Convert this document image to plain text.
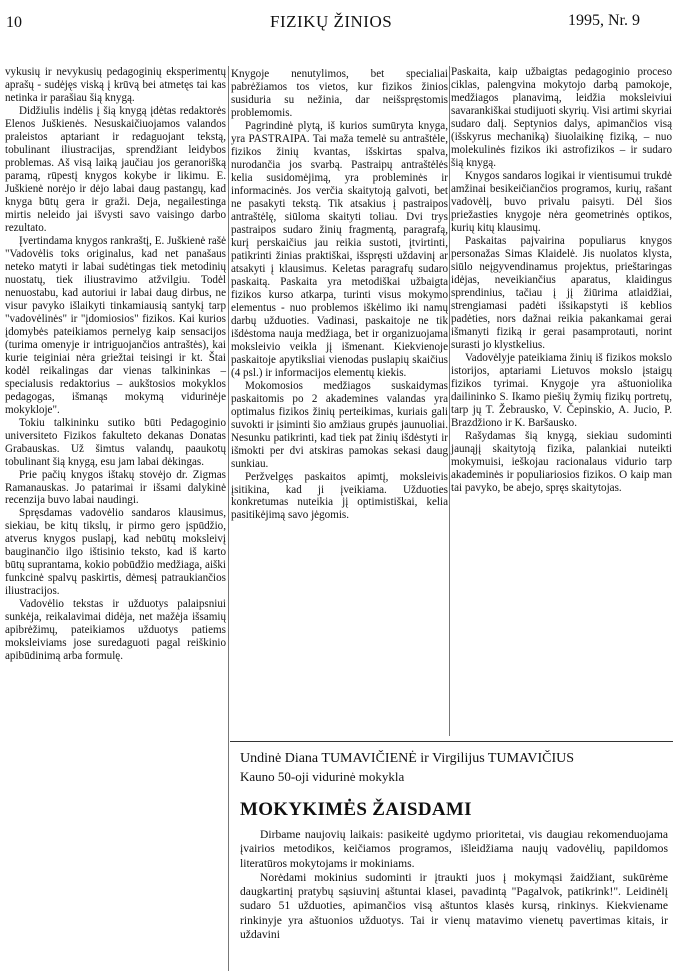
10	FIZIKŲ ŽINIOS	1995, Nr. 9

vykusių ir nevykusių pedagoginių eksperimentų aprašų - sudėjęs viską į krūvą bei atmetęs tai kas netinka ir parašiau šią knygą.

Didžiulis indėlis į šią knygą įdėtas redaktorės Elenos Juškienės. Nesuskaičiuojamos valandos praleistos aptariant ir redaguojant tekstą, tobulinant iliustracijas, sprendžiant leidybos problemas. Aš visą laiką jaučiau jos geranorišką paramą, rūpestį knygos kokybe ir likimu. E. Juškienė norėjo ir dėjo labai daug pastangų, kad knyga būtų gera ir graži. Deja, negailestinga mirtis neleido jai išvysti savo vaisingo darbo rezultato.

Įvertindama knygos rankraštį, E. Juškienė rašė "Vadovėlis toks originalus, kad net panašaus neteko matyti ir labai sudėtingas tiek metodinių nuostatų, tiek iliustravimo atžvilgiu. Todėl nenuostabu, kad autoriui ir labai daug dirbus, ne visur pavyko išlaikyti tinkamiausią santykį tarp "vadovėlinės" ir "įdomiosios" fizikos. Kai kurios įdomybės pateikiamos pernelyg kaip sensacijos (turima omenyje ir intriguojančios antraštės), kai kurie teiginiai nėra griežtai teisingi ir kt. Štai kodėl reikalingas dar vienas talkininkas – specialusis redaktorius – aukštosios mokyklos pedagogas, išmanąs mokymą vidurinėje mokykloje".

Tokiu talkininku sutiko būti Pedagoginio universiteto Fizikos fakulteto dekanas Donatas Grabauskas. Už šimtus valandų, paaukotų tobulinant šią knygą, esu jam labai dėkingas.

Prie pačių knygos ištakų stovėjo dr. Zigmas Ramanauskas. Jo patarimai ir išsami dalykinė recenzija buvo labai naudingi.

Spręsdamas vadovėlio sandaros klausimus, siekiau, be kitų tikslų, ir pirmo gero įspūdžio, atverus knygos puslapį, kad nebūtų moksleivį bauginančio ilgo ištisinio teksto, kad iš karto būtų suprantama, kokio pobūdžio medžiaga, aiški funkcinė spalvų paskirtis, dėmesį patraukiančios iliustracijos.

Vadovėlio tekstas ir užduotys palaipsniui sunkėja, reikalavimai didėja, net mažėja išsamių apibrėžimų, pateikiamos užduotys patiems moksleiviams jose suredaguoti pagal reiškinio apibūdinimą arba formulę.

Knygoje nenutylimos, bet specialiai pabrėžiamos tos vietos, kur fizikos žinios susiduria su nežinia, dar neišspręstomis problemomis.

Pagrindinė plytą, iš kurios sumūryta knyga, yra PASTRAIPA. Tai maža temelė su antraštėle, fizikos žinių kvantas, išskirtas spalva, nurodančia jos svarbą. Pastraipų antraštėlės kelia susidomėjimą, yra probleminės ir informacinės. Jos verčia skaitytoją galvoti, bet ne pasakyti tekstą. Tik atsakius į pastraipos antraštėlę, siūloma skaityti toliau. Dvi trys pastraipos sudaro žinių fragmentą, paragrafą, kurį perskaičius jau reikia sustoti, įtvirtinti, patikrinti žinias praktiškai, išspręsti uždavinį ar atsakyti į klausimus. Keletas paragrafų sudaro paskaitą. Paskaita yra metodiškai užbaigta fizikos kurso atkarpa, turinti visus mokymo elementus - nuo problemos iškėlimo iki namų darbų užduoties. Vadinasi, paskaitoje ne tik išdėstoma nauja medžiaga, bet ir organizuojama moksleivio veikla jį išmenant. Kiekvienoje paskaitoje apytiksliai vienodas puslapių skaičius (4 psl.) ir informacijos elementų kiekis.

Mokomosios medžiagos suskaidymas paskaitomis po 2 akademines valandas yra optimalus fizikos žinių perteikimas, kuriais gali suvokti ir įsiminti šio amžiaus grupės jaunuoliai. Nesunku patikrinti, kad tiek pat žinių išdėstyti ir išmokti per dvi atskiras pamokas sekasi daug sunkiau.

Peržvelgęs paskaitos apimtį, moksleivis įsitikina, kad ji įveikiama. Užduoties konkretumas nuteikia jį optimistiškai, kelia pasitikėjimą savo jėgomis.

Paskaita, kaip užbaigtas pedagoginio proceso ciklas, palengvina mokytojo darbą pamokoje, medžiagos planavimą, leidžia moksleiviui savarankiškai studijuoti skyrių. Visi artimi skyriai sudaro dalį. Septynios dalys, apimančios visą (išskyrus mechaniką) šiuolaikinę fiziką, – nuo molekulinės fizikos iki astrofizikos – ir sudaro šią knygą.

Knygos sandaros logikai ir vientisumui trukdė amžinai besikeičiančios programos, kurių, rašant vadovėlį, buvo privalu paisyti. Dėl šios priežasties knygoje nėra geometrinės optikos, kurių kitų klausimų.

Paskaitas pajvairina populiarus knygos personažas Simas Klaidelė. Jis nuolatos klysta, siūlo neįgyvendinamus projektus, prieštaringas idėjas, neveikiančius aparatus, klaidingus sprendinius, tačiau į jį žiūrima atlaidžiai, strengiamasi padėti išsikapstyti iš keblios padėties, nors dažnai reikia pakankamai gerai išmanyti fiziką ir gerai pasamprotauti, norint surasti jo klystkelius.

Vadovėlyje pateikiama žinių iš fizikos mokslo istorijos, aptariami Lietuvos mokslo įstaigų fizikos tyrimai. Knygoje yra aštuoniolika dailininko S. Ikamo piešių žymių fizikų portretų, tarp jų T. Žebrausko, V. Čepinskio, A. Jucio, P. Brazdžiono ir K. Baršausko.

Rašydamas šią knygą, siekiau sudominti jaunąjį skaitytoją fizika, palankiai nuteikti mokymuisi, ieškojau racionalaus vidurio tarp akademinės ir populiariosios fizikos. O kaip man tai pavyko, be abejo, spręs skaitytojas.

Undinė Diana TUMAVIČIENĖ ir Virgilijus TUMAVIČIUS
Kauno 50-oji vidurinė mokykla
MOKYKIMĖS ŽAISDAMI

Dirbame naujovių laikais: pasikeitė ugdymo prioritetai, vis daugiau rekomenduojama įvairios metodikos, keičiamos programos, išleidžiama naujų vadovėlių, papildomos literatūros mokytojams ir mokiniams.

Norėdami mokinius sudominti ir įtraukti juos į mokymąsi žaidžiant, sukūrėme daugkartinį pratybų sąsiuvinį aštuntai klasei, pavadintą "Pagalvok, patikrink!". Leidinėlį sudaro 51 užduoties, apimančios visą aštuntos klasės kursą, rinkinys. Kiekvienamе rinkinyje yra aštuonios užduotys. Tai ir vienų matavimo vienetų pavertimas kitais, ir uždavini
